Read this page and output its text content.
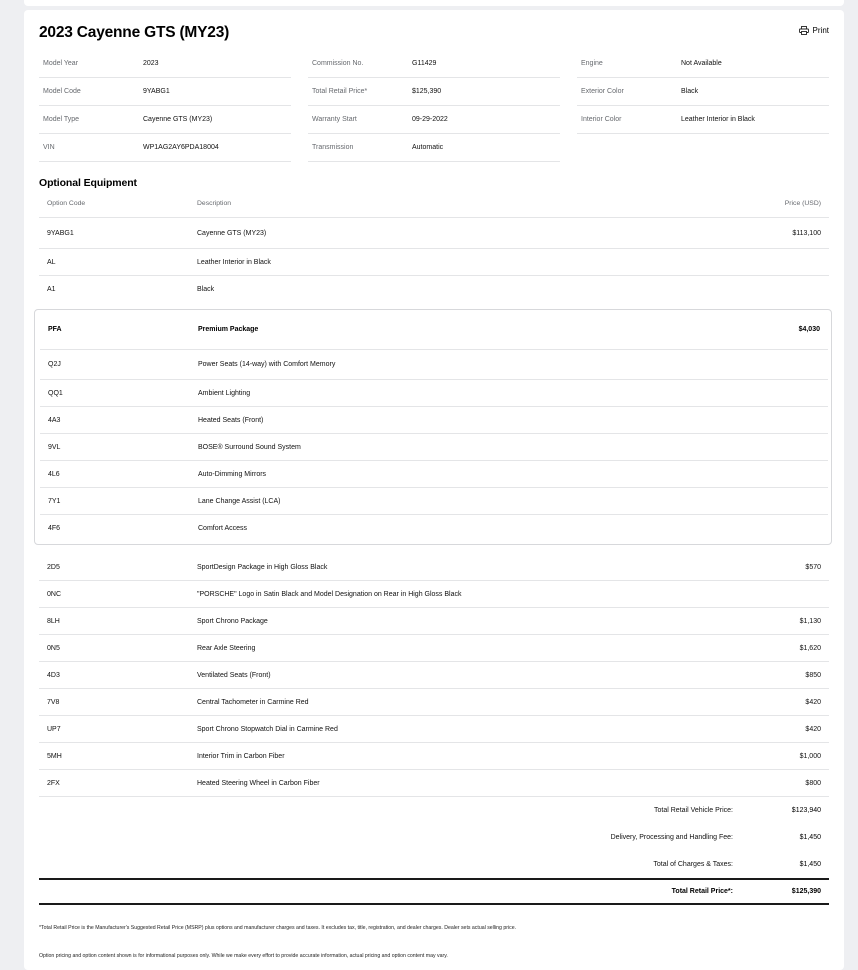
2023 Cayenne GTS (MY23)	Print
Model Year	2023
Model Code	9YABG1
Model Type	Cayenne GTS (MY23)
VIN	WP1AG2AY6PDA18004
Commission No.	G11429
Total Retail Price*	$125,390
Warranty Start	09-29-2022
Transmission	Automatic
Engine	Not Available
Exterior Color	Black
Interior Color	Leather Interior in Black
Optional Equipment
Option Code	Description	Price (USD)
9YABG1	Cayenne GTS (MY23)	$113,100
AL	Leather Interior in Black
A1	Black
PFA	Premium Package	$4,030
Q2J	Power Seats (14-way) with Comfort Memory
QQ1	Ambient Lighting
4A3	Heated Seats (Front)
9VL	BOSE® Surround Sound System
4L6	Auto-Dimming Mirrors
7Y1	Lane Change Assist (LCA)
4F6	Comfort Access
2D5	SportDesign Package in High Gloss Black	$570
0NC	"PORSCHE" Logo in Satin Black and Model Designation on Rear in High Gloss Black
8LH	Sport Chrono Package	$1,130
0N5	Rear Axle Steering	$1,620
4D3	Ventilated Seats (Front)	$850
7V8	Central Tachometer in Carmine Red	$420
UP7	Sport Chrono Stopwatch Dial in Carmine Red	$420
5MH	Interior Trim in Carbon Fiber	$1,000
2FX	Heated Steering Wheel in Carbon Fiber	$800
Total Retail Vehicle Price:	$123,940
Delivery, Processing and Handling Fee:	$1,450
Total of Charges & Taxes:	$1,450
Total Retail Price*:	$125,390
*Total Retail Price is the Manufacturer's Suggested Retail Price (MSRP) plus options and manufacturer charges and taxes. It excludes tax, title, registration, and dealer charges. Dealer sets actual selling price.
Option pricing and option content shown is for informational purposes only. While we make every effort to provide accurate information, actual pricing and option content may vary.
